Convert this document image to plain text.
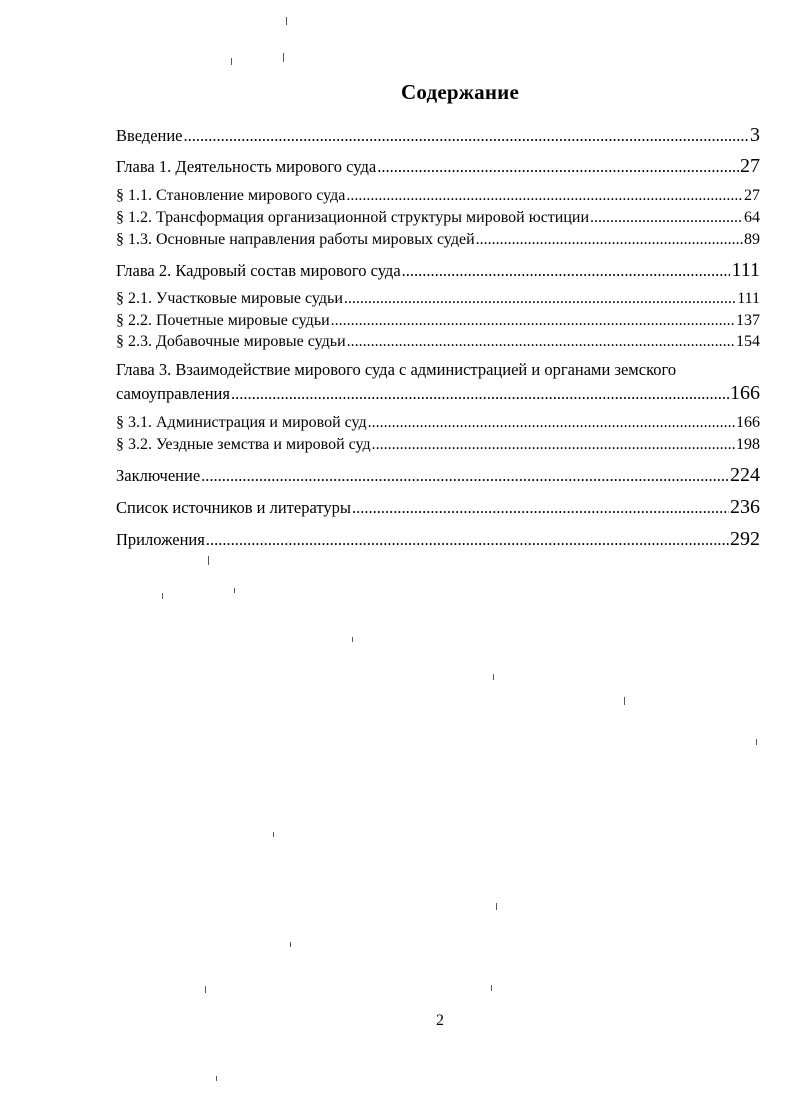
Содержание
Введение .....	3
Глава 1. Деятельность мирового суда .....	27
§ 1.1. Становление мирового суда .....	27
§ 1.2. Трансформация организационной структуры мировой юстиции .....	64
§ 1.3. Основные направления работы мировых судей .....	89
Глава 2. Кадровый состав мирового суда .....	111
§ 2.1. Участковые мировые судьи .....	111
§ 2.2. Почетные мировые судьи .....	137
§ 2.3. Добавочные мировые судьи .....	154
Глава 3. Взаимодействие мирового суда с администрацией и органами земского
самоуправления .....	166
§ 3.1. Администрация и мировой суд .....	166
§ 3.2. Уездные земства и мировой суд .....	198
Заключение .....	224
Список источников и литературы .....	236
Приложения .....	292
2
